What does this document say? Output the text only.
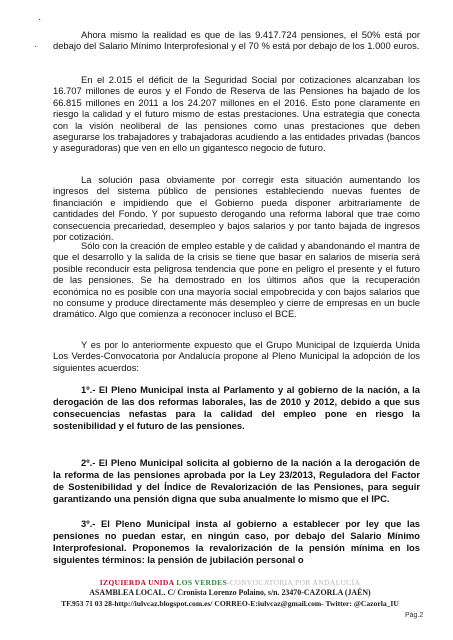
·
·

Ahora mismo la realidad es que de las 9.417.724 pensiones, el 50% está por debajo del Salario Mínimo Interprofesional y el 70 % está por debajo de los 1.000 euros.

En el 2.015 el déficit de la Seguridad Social por cotizaciones alcanzaban los 16.707 millones de euros y el Fondo de Reserva de las Pensiones ha bajado de los 66.815 millones en 2011 a los 24.207 millones en el 2016. Esto pone claramente en riesgo la calidad y el futuro mismo de estas prestaciones. Una estrategia que conecta con la visión neoliberal de las pensiones como unas prestaciones que deben asegurarse los trabajadores y trabajadoras acudiendo a las entidades privadas (bancos y aseguradoras) que ven en ello un gigantesco negocio de futuro.

La solución pasa obviamente por corregir esta situación aumentando los ingresos del sistema público de pensiones estableciendo nuevas fuentes de financiación e impidiendo que el Gobierno pueda disponer arbitrariamente de cantidades del Fondo. Y por supuesto derogando una reforma laboral que trae como consecuencia precariedad, desempleo y bajos salarios y por tanto bajada de ingresos por cotización.

Sólo con la creación de empleo estable y de calidad y abandonando el mantra de que el desarrollo y la salida de la crisis se tiene que basar en salarios de miseria será posible reconducir esta peligrosa tendencia que pone en peligro el presente y el futuro de las pensiones. Se ha demostrado en los últimos años que la recuperación económica no es posible con una mayoría social empobrecida y con bajos salarios que no consume y produce directamente más desempleo y cierre de empresas en un bucle dramático. Algo que comienza a reconocer incluso el BCE.

Y es por lo anteriormente expuesto que el Grupo Municipal de Izquierda Unida Los Verdes-Convocatoria por Andalucía propone al Pleno Municipal la adopción de los siguientes acuerdos:

1º.- El Pleno Municipal insta al Parlamento y al gobierno de la nación, a la derogación de las dos reformas laborales, las de 2010 y 2012, debido a que sus consecuencias nefastas para la calidad del empleo pone en riesgo la sostenibilidad y el futuro de las pensiones.

2º.- El Pleno Municipal solicita al gobierno de la nación a la derogación de la reforma de las pensiones aprobada por la Ley 23/2013, Reguladora del Factor de Sostenibilidad y del Índice de Revalorización de las Pensiones, para seguir garantizando una pensión digna que suba anualmente lo mismo que el IPC.

3º.- El Pleno Municipal insta al gobierno a establecer por ley que las pensiones no puedan estar, en ningún caso, por debajo del Salario Mínimo Interprofesional. Proponemos la revalorización de la pensión mínima en los siguientes términos: la pensión de jubilación personal o

IZQUIERDA UNIDA LOS VERDES-CONVOCATORIA POR ANDALUCÍA
ASAMBLEA LOCAL. C/ Cronista Lorenzo Polaino, s/n. 23470-CAZORLA (JAÉN)
TF.953 71 03 28-http://iulvcaz.blogspot.com.es/ CORREO-E:iulvcaz@gmail.com- Twitter: @Cazorla_IU
Pág.2
